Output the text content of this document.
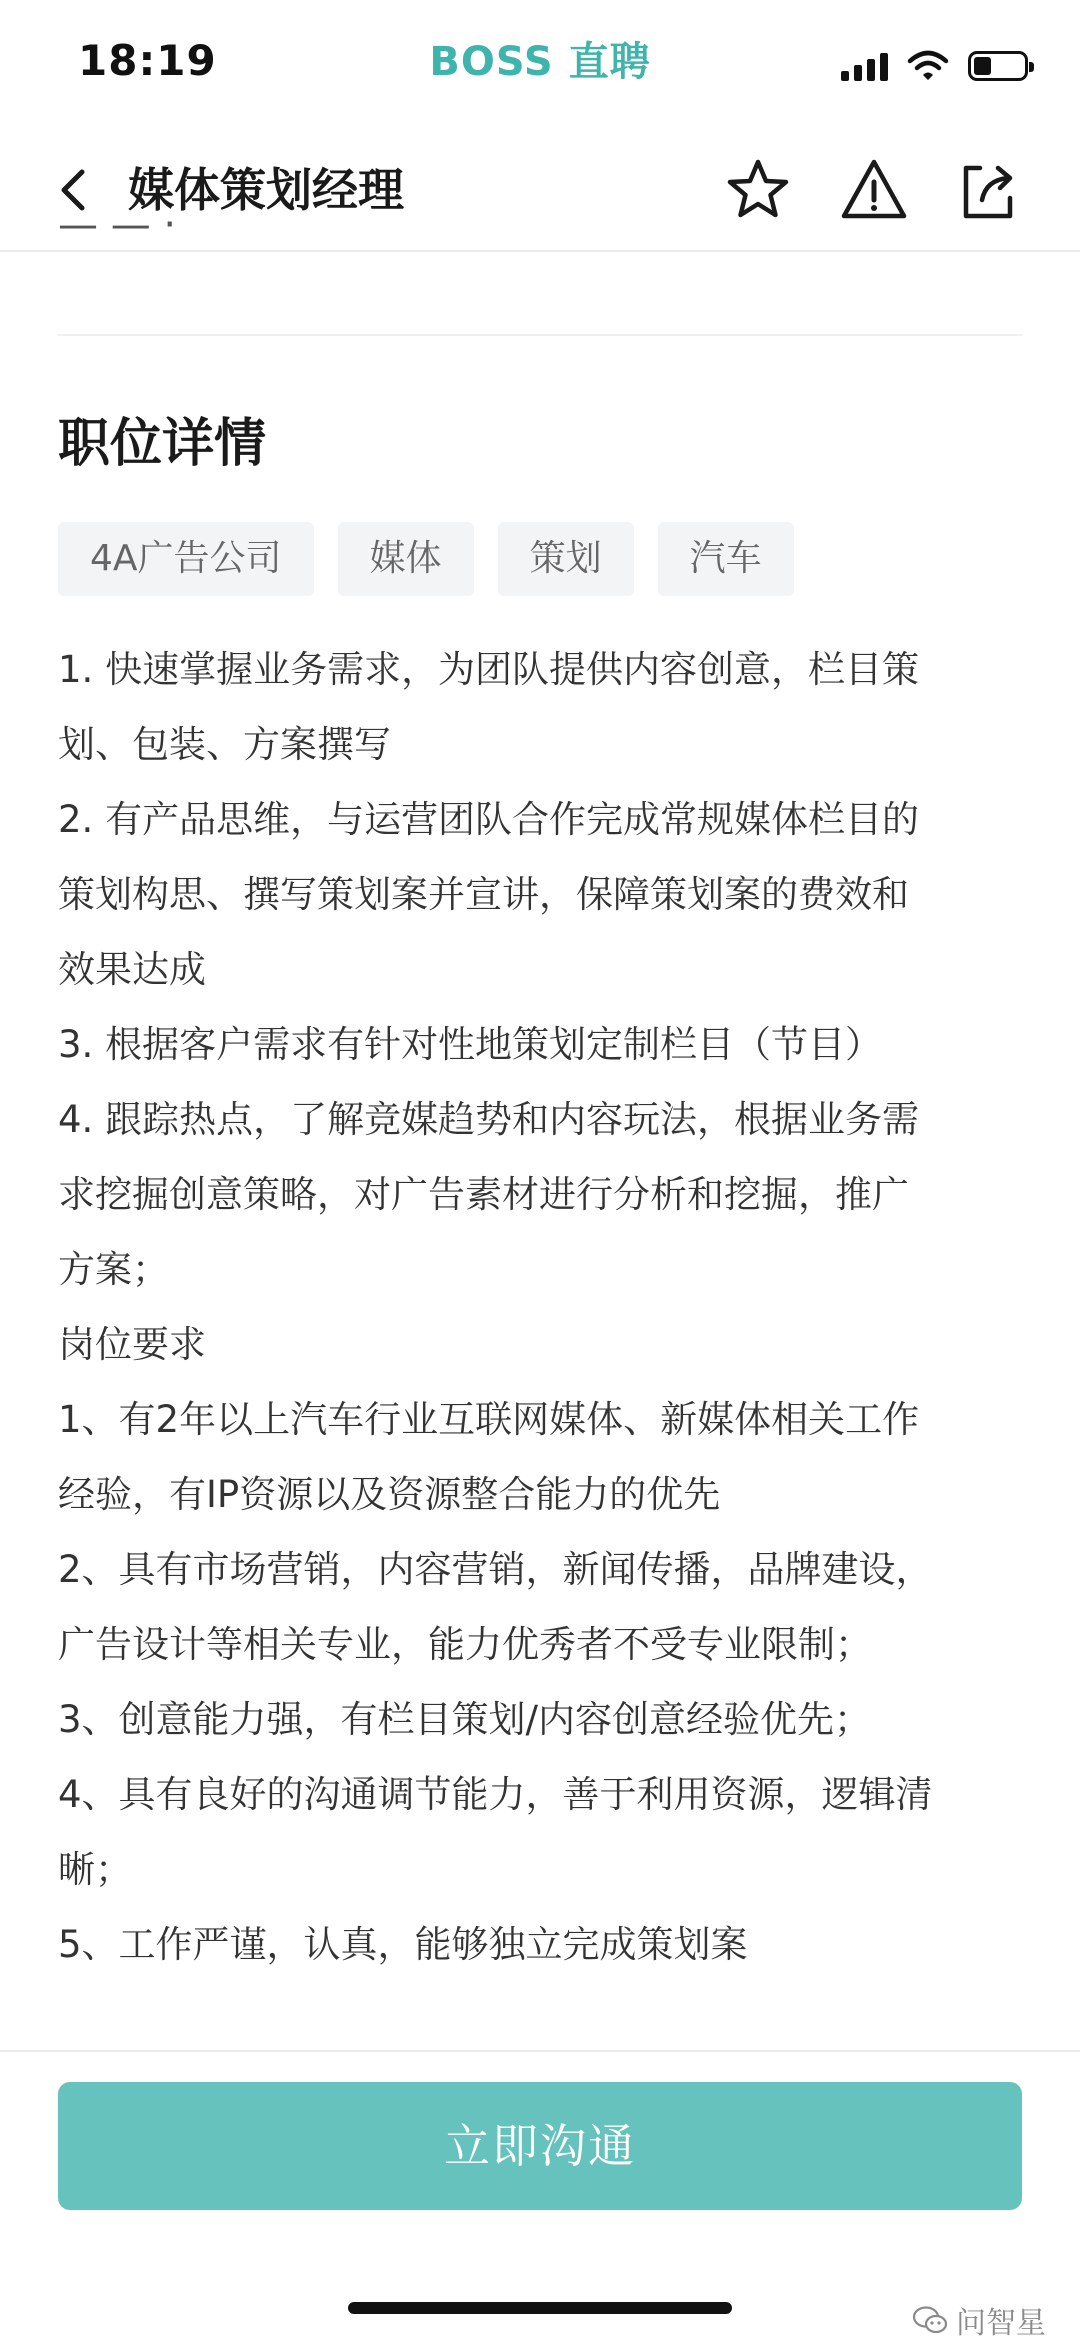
18:19	BOSS 直聘
媒体策划经理
— — ·
职位详情
4A广告公司	媒体	策划	汽车
1. 快速掌握业务需求，为团队提供内容创意，栏目策
划、包装、方案撰写
2. 有产品思维，与运营团队合作完成常规媒体栏目的
策划构思、撰写策划案并宣讲，保障策划案的费效和
效果达成
3. 根据客户需求有针对性地策划定制栏目（节目）
4. 跟踪热点，了解竞媒趋势和内容玩法，根据业务需
求挖掘创意策略，对广告素材进行分析和挖掘，推广
方案；
岗位要求
1、有2年以上汽车行业互联网媒体、新媒体相关工作
经验，有IP资源以及资源整合能力的优先
2、具有市场营销，内容营销，新闻传播，品牌建设，
广告设计等相关专业，能力优秀者不受专业限制；
3、创意能力强，有栏目策划/内容创意经验优先；
4、具有良好的沟通调节能力，善于利用资源，逻辑清
晰；
5、工作严谨，认真，能够独立完成策划案
立即沟通
问智星
